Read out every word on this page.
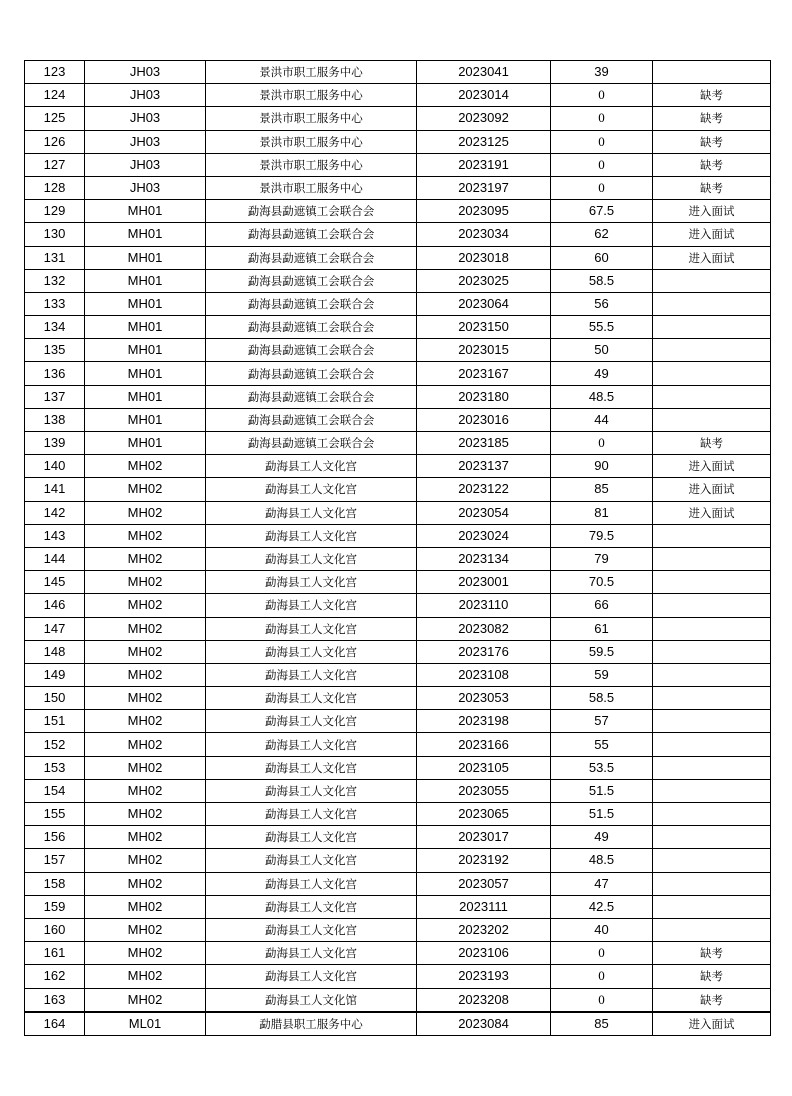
123	JH03	景洪市职工服务中心	2023041	39	
124	JH03	景洪市职工服务中心	2023014	0	缺考
125	JH03	景洪市职工服务中心	2023092	0	缺考
126	JH03	景洪市职工服务中心	2023125	0	缺考
127	JH03	景洪市职工服务中心	2023191	0	缺考
128	JH03	景洪市职工服务中心	2023197	0	缺考
129	MH01	勐海县勐遮镇工会联合会	2023095	67.5	进入面试
130	MH01	勐海县勐遮镇工会联合会	2023034	62	进入面试
131	MH01	勐海县勐遮镇工会联合会	2023018	60	进入面试
132	MH01	勐海县勐遮镇工会联合会	2023025	58.5	
133	MH01	勐海县勐遮镇工会联合会	2023064	56	
134	MH01	勐海县勐遮镇工会联合会	2023150	55.5	
135	MH01	勐海县勐遮镇工会联合会	2023015	50	
136	MH01	勐海县勐遮镇工会联合会	2023167	49	
137	MH01	勐海县勐遮镇工会联合会	2023180	48.5	
138	MH01	勐海县勐遮镇工会联合会	2023016	44	
139	MH01	勐海县勐遮镇工会联合会	2023185	0	缺考
140	MH02	勐海县工人文化宫	2023137	90	进入面试
141	MH02	勐海县工人文化宫	2023122	85	进入面试
142	MH02	勐海县工人文化宫	2023054	81	进入面试
143	MH02	勐海县工人文化宫	2023024	79.5	
144	MH02	勐海县工人文化宫	2023134	79	
145	MH02	勐海县工人文化宫	2023001	70.5	
146	MH02	勐海县工人文化宫	2023110	66	
147	MH02	勐海县工人文化宫	2023082	61	
148	MH02	勐海县工人文化宫	2023176	59.5	
149	MH02	勐海县工人文化宫	2023108	59	
150	MH02	勐海县工人文化宫	2023053	58.5	
151	MH02	勐海县工人文化宫	2023198	57	
152	MH02	勐海县工人文化宫	2023166	55	
153	MH02	勐海县工人文化宫	2023105	53.5	
154	MH02	勐海县工人文化宫	2023055	51.5	
155	MH02	勐海县工人文化宫	2023065	51.5	
156	MH02	勐海县工人文化宫	2023017	49	
157	MH02	勐海县工人文化宫	2023192	48.5	
158	MH02	勐海县工人文化宫	2023057	47	
159	MH02	勐海县工人文化宫	2023111	42.5	
160	MH02	勐海县工人文化宫	2023202	40	
161	MH02	勐海县工人文化宫	2023106	0	缺考
162	MH02	勐海县工人文化宫	2023193	0	缺考
163	MH02	勐海县工人文化馆	2023208	0	缺考
164	ML01	勐腊县职工服务中心	2023084	85	进入面试
